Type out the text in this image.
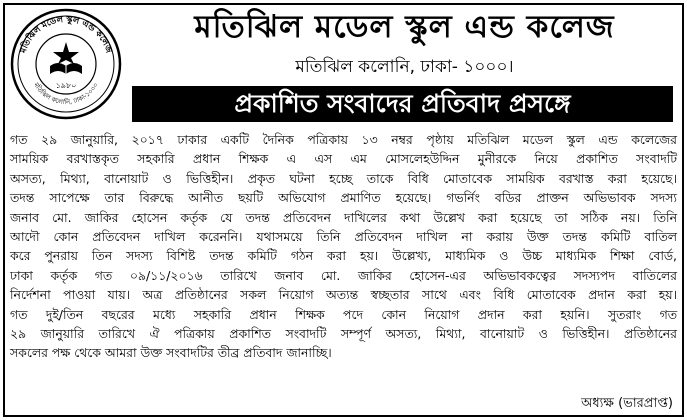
মতিঝিল মডেল স্কুল এন্ড কলেজ
মতিঝিল কলোনি, ঢাকা-১০০০
১৯৮০
মতিঝিল মডেল স্কুল এন্ড কলেজ
মতিঝিল কলোনি, ঢাকা- ১০০০।
প্রকাশিত সংবাদের প্রতিবাদ প্রসঙ্গে
গত ২৯ জানুয়ারি, ২০১৭ ঢাকার একটি দৈনিক পত্রিকায় ১৩ নম্বর পৃষ্ঠায় মতিঝিল মডেল স্কুল এন্ড কলেজের
সাময়িক বরখাস্তকৃত সহকারি প্রধান শিক্ষক এ এস এম মোসলেহউদ্দিন মুনীরকে নিয়ে প্রকাশিত সংবাদটি
অসত্য, মিথ্যা, বানোয়াট ও ভিত্তিহীন। প্রকৃত ঘটনা হচ্ছে তাকে বিধি মোতাবেক সাময়িক বরখাস্ত করা হয়েছে।
তদন্ত সাপেক্ষে তার বিরুদ্ধে আনীত ছয়টি অভিযোগ প্রমাণিত হয়েছে। গভর্নিং বডির প্রাক্তন অভিভাবক সদস্য
জনাব মো. জাকির হোসেন কর্তৃক যে তদন্ত প্রতিবেদন দাখিলের কথা উল্লেখ করা হয়েছে তা সঠিক নয়। তিনি
আদৌ কোন প্রতিবেদন দাখিল করেননি। যথাসময়ে তিনি প্রতিবেদন দাখিল না করায় উক্ত তদন্ত কমিটি বাতিল
করে পুনরায় তিন সদস্য বিশিষ্ট তদন্ত কমিটি গঠন করা হয়। উল্লেখ্য, মাধ্যমিক ও উচ্চ মাধ্যমিক শিক্ষা বোর্ড,
ঢাকা কর্তৃক গত ০৯/১১/২০১৬ তারিখে জনাব মো. জাকির হোসেন-এর অভিভাবকত্বের সদস্যপদ বাতিলের
নির্দেশনা পাওয়া যায়। অত্র প্রতিষ্ঠানের সকল নিয়োগ অত্যন্ত স্বচ্ছতার সাথে এবং বিধি মোতাবেক প্রদান করা হয়।
গত দুই/তিন বছরের মধ্যে সহকারি প্রধান শিক্ষক পদে কোন নিয়োগ প্রদান করা হয়নি। সুতরাং গত
২৯ জানুয়ারি তারিখে ঐ পত্রিকায় প্রকাশিত সংবাদটি সম্পূর্ণ অসত্য, মিথ্যা, বানোয়াট ও ভিত্তিহীন। প্রতিষ্ঠানের
সকলের পক্ষ থেকে আমরা উক্ত সংবাদটির তীব্র প্রতিবাদ জানাচ্ছি।
অধ্যক্ষ (ভারপ্রাপ্ত)
